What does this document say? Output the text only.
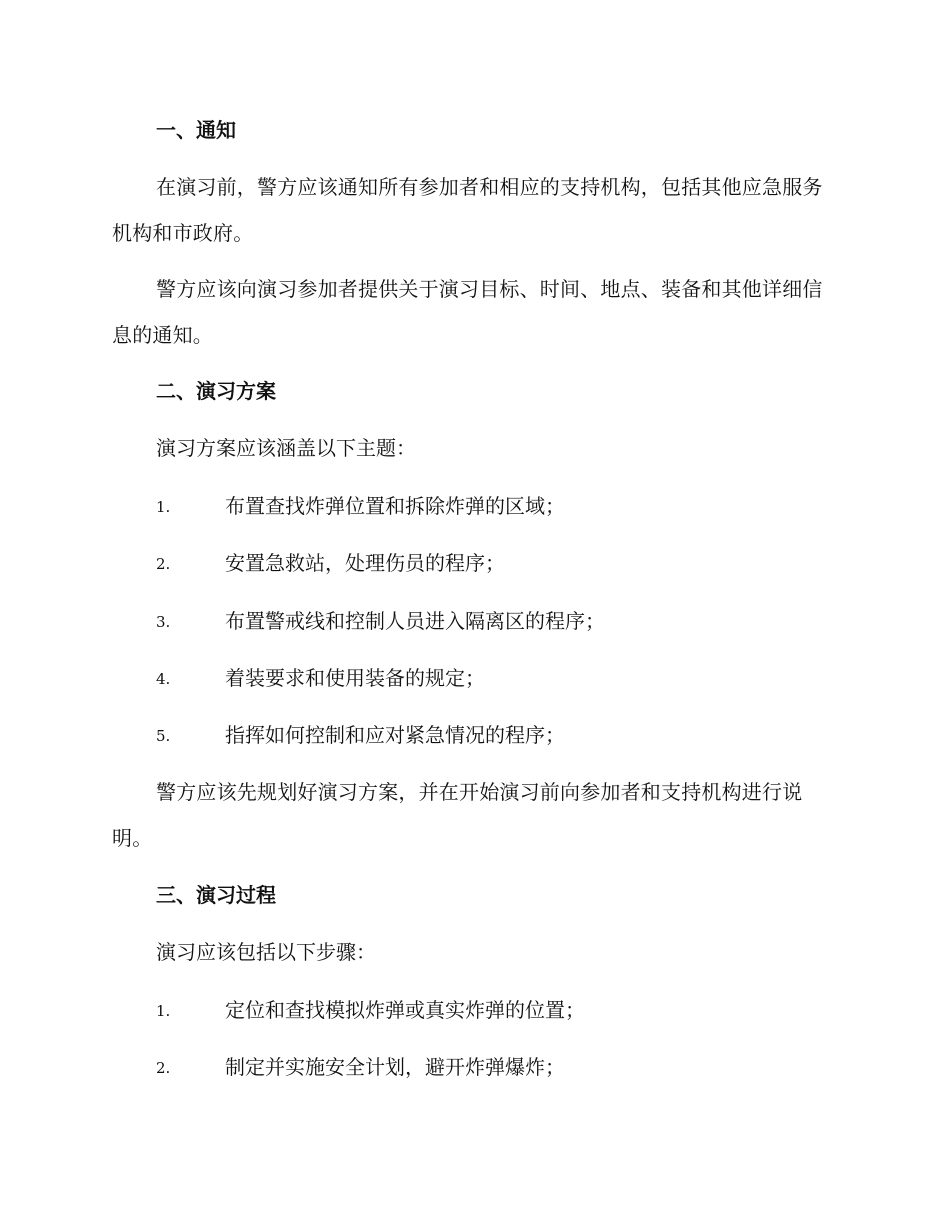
一、通知
在演习前，警方应该通知所有参加者和相应的支持机构，包括其他应急服务机构和市政府。
警方应该向演习参加者提供关于演习目标、时间、地点、装备和其他详细信息的通知。
二、演习方案
演习方案应该涵盖以下主题：
1.	布置查找炸弹位置和拆除炸弹的区域；
2.	安置急救站，处理伤员的程序；
3.	布置警戒线和控制人员进入隔离区的程序；
4.	着装要求和使用装备的规定；
5.	指挥如何控制和应对紧急情况的程序；
警方应该先规划好演习方案，并在开始演习前向参加者和支持机构进行说明。
三、演习过程
演习应该包括以下步骤：
1.	定位和查找模拟炸弹或真实炸弹的位置；
2.	制定并实施安全计划，避开炸弹爆炸；
